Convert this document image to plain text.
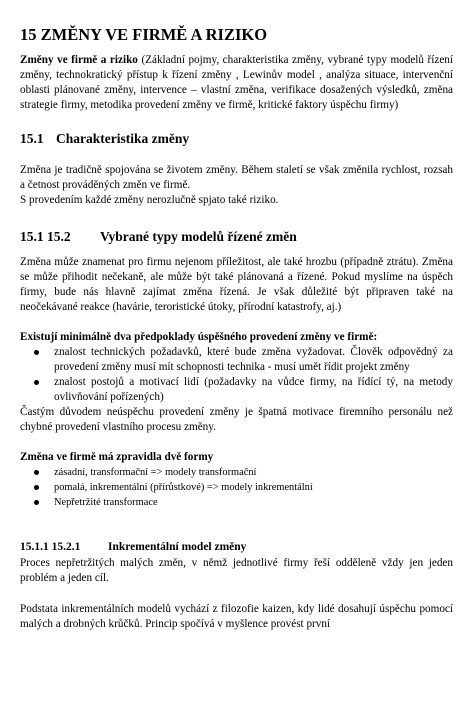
15 ZMĚNY VE FIRMĚ A RIZIKO

Změny ve firmě a riziko (Základní pojmy, charakteristika změny, vybrané typy modelů řízení změny, technokratický přístup k řízení změny , Lewinův model , analýza situace, intervenční oblasti plánované změny, intervence – vlastní změna, verifikace dosažených výsledků, změna strategie firmy, metodika provedení změny ve firmě, kritické faktory úspěchu firmy)

15.1 Charakteristika změny

Změna je tradičně spojována se životem změny. Během staletí se však změnila rychlost, rozsah a četnost prováděných změn ve firmě.

S provedením každé změny nerozlučně spjato také riziko.

15.1 15.2 Vybrané typy modelů řízené změn

Změna může znamenat pro firmu nejenom příležitost, ale také hrozbu (případně ztrátu). Změna se může přihodit nečekaně, ale může být také plánovaná a řízené. Pokud myslíme na úspěch firmy, bude nás hlavně zajímat změna řízená. Je však důležité být připraven také na neočekávané reakce (havárie, teroristické útoky, přírodní katastrofy, aj.)

Existují minimálně dva předpoklady úspěšného provedení změny ve firmě:

znalost technických požadavků, které bude změna vyžadovat. Člověk odpovědný za provedení změny musí mít schopnosti technika - musí umět řídit projekt změny
znalost postojů a motivací lidí (požadavky na vůdce firmy, na řídící tý, na metody ovlivňování pořízených)

Častým důvodem neúspěchu provedení změny je špatná motivace firemního personálu než chybné provedení vlastního procesu změny.

Změna ve firmě má zpravidla dvě formy

zásadní, transformační => modely transformační
pomalá, inkrementální (přírůstkové) => modely inkrementální
Nepřetržité transformace
15.1.1 15.2.1 Inkrementální model změny

Proces nepřetržitých malých změn, v němž jednotlivé firmy řeší odděleně vždy jen jeden problém a jeden cíl.

Podstata inkrementálních modelů vychází z filozofie kaizen, kdy lidé dosahují úspěchu pomocí malých a drobných krůčků. Princip spočívá v myšlence provést první
